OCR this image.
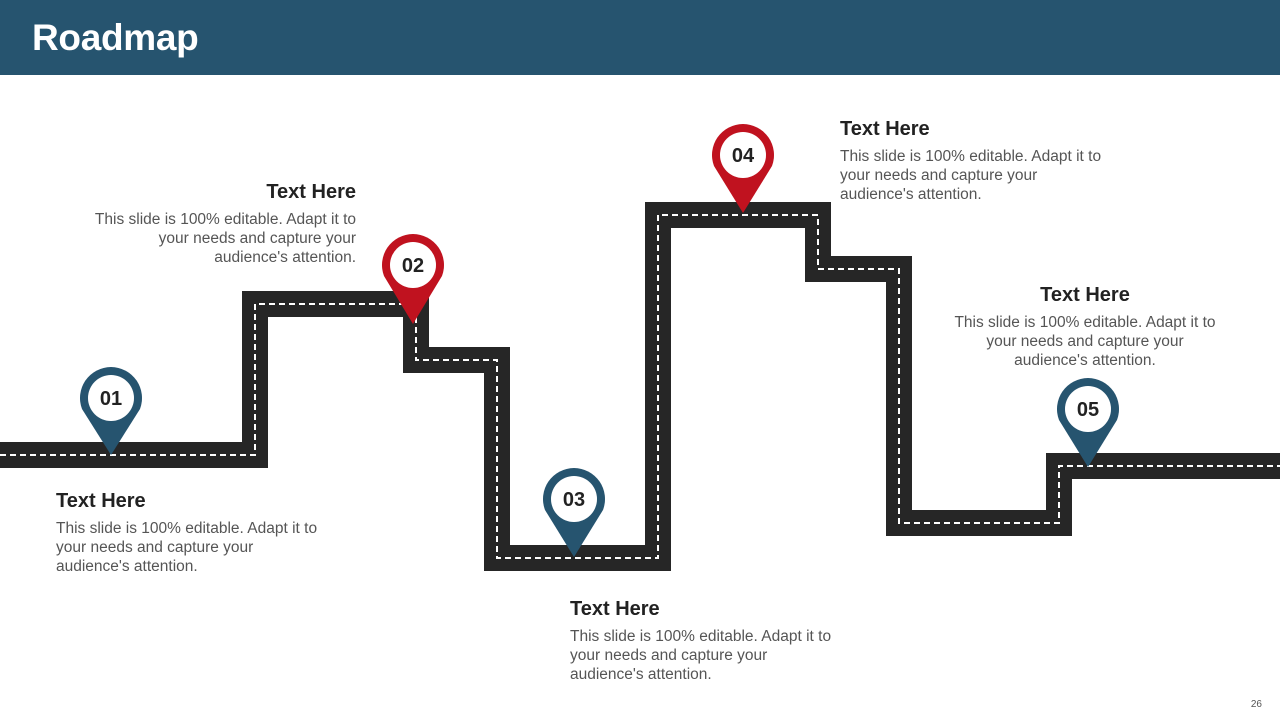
Roadmap
01
02
03
04
05
Text Here
This slide is 100% editable. Adapt it to your needs and capture your audience's attention.
Text Here
This slide is 100% editable. Adapt it to your needs and capture your audience's attention.
Text Here
This slide is 100% editable. Adapt it to your needs and capture your audience's attention.
Text Here
This slide is 100% editable. Adapt it to your needs and capture your audience's attention.
Text Here
This slide is 100% editable. Adapt it to your needs and capture your audience's attention.
26
